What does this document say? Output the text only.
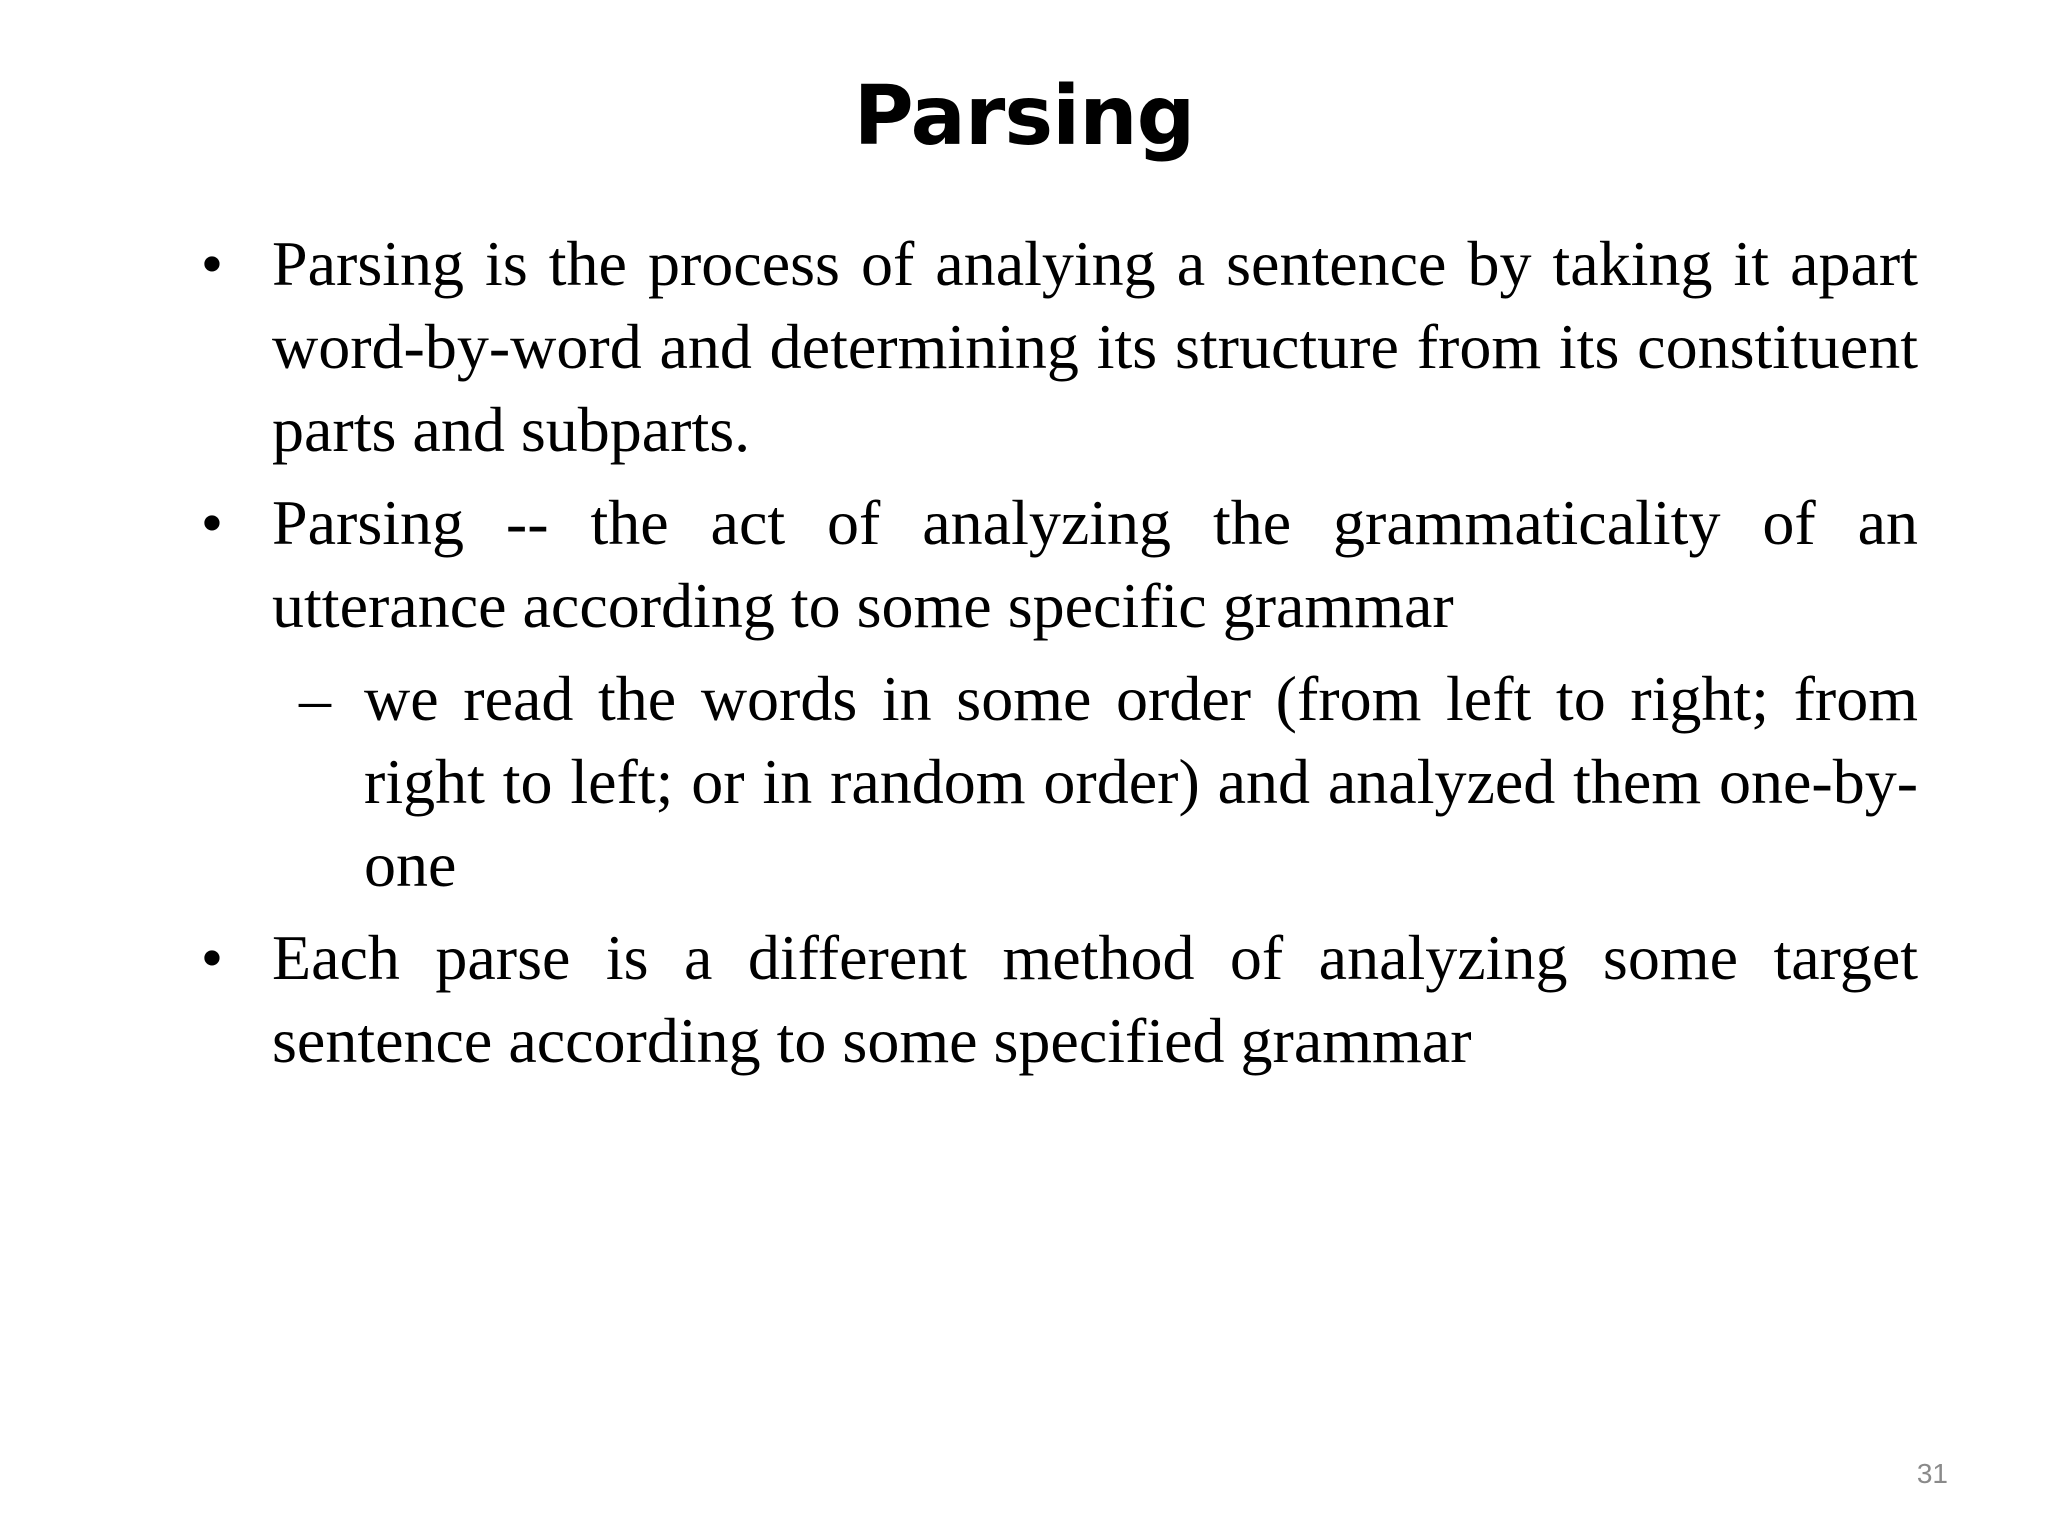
Parsing
• Parsing is the process of analying a sentence by taking it apart word-by-word and determining its structure from its constituent parts and subparts.
• Parsing -- the act of analyzing the grammaticality of an utterance according to some specific grammar
– we read the words in some order (from left to right; from right to left; or in random order) and analyzed them one-by-one
• Each parse is a different method of analyzing some target sentence according to some specified grammar
31
